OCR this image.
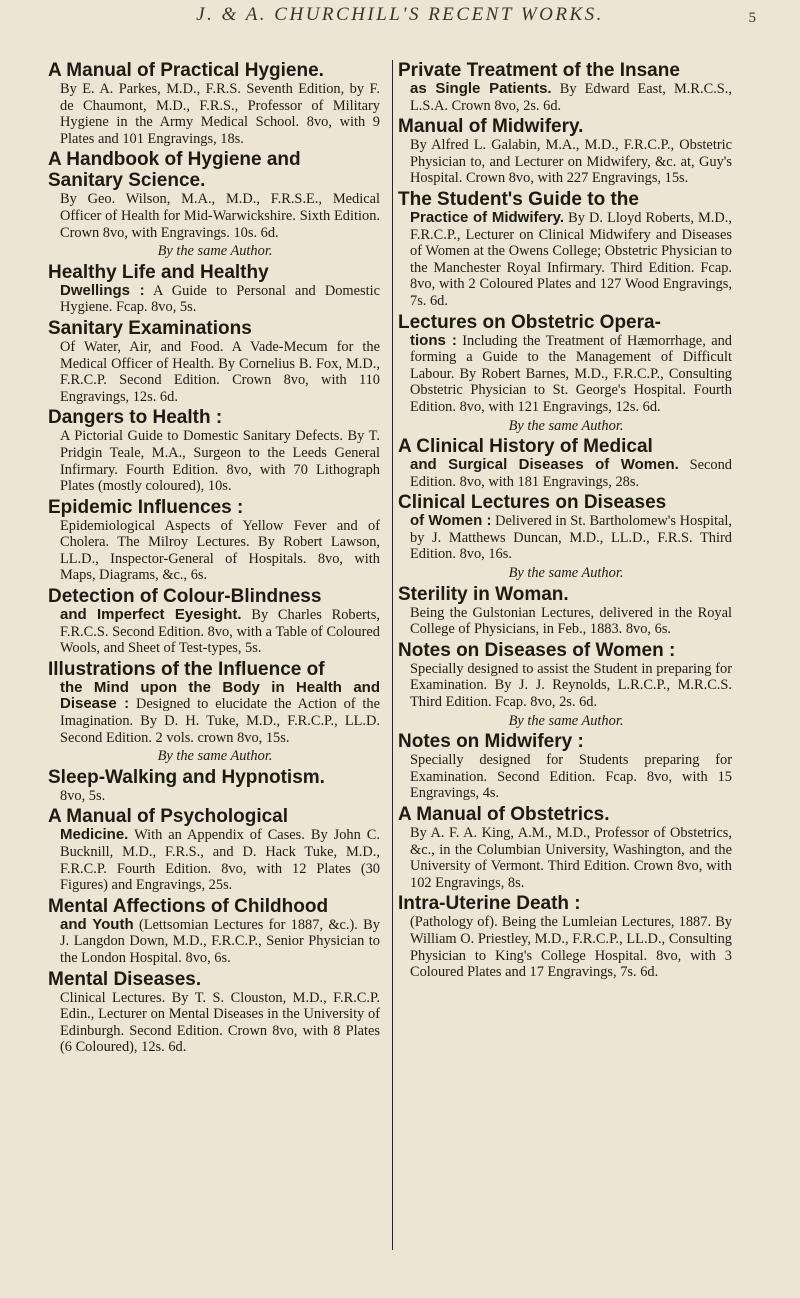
J. & A. CHURCHILL'S RECENT WORKS.	5
A Manual of Practical Hygiene.
By E. A. Parkes, M.D., F.R.S. Seventh Edition, by F. de Chaumont, M.D., F.R.S., Professor of Military Hygiene in the Army Medical School. 8vo, with 9 Plates and 101 Engravings, 18s.
A Handbook of Hygiene and Sanitary Science.
By Geo. Wilson, M.A., M.D., F.R.S.E., Medical Officer of Health for Mid-Warwickshire. Sixth Edition. Crown 8vo, with Engravings. 10s. 6d.
By the same Author.
Healthy Life and Healthy
Dwellings : A Guide to Personal and Domestic Hygiene. Fcap. 8vo, 5s.
Sanitary Examinations
Of Water, Air, and Food. A Vade-Mecum for the Medical Officer of Health. By Cornelius B. Fox, M.D., F.R.C.P. Second Edition. Crown 8vo, with 110 Engravings, 12s. 6d.
Dangers to Health :
A Pictorial Guide to Domestic Sanitary Defects. By T. Pridgin Teale, M.A., Surgeon to the Leeds General Infirmary. Fourth Edition. 8vo, with 70 Lithograph Plates (mostly coloured), 10s.
Epidemic Influences :
Epidemiological Aspects of Yellow Fever and of Cholera. The Milroy Lectures. By Robert Lawson, LL.D., Inspector-General of Hospitals. 8vo, with Maps, Diagrams, &c., 6s.
Detection of Colour-Blindness
and Imperfect Eyesight. By Charles Roberts, F.R.C.S. Second Edition. 8vo, with a Table of Coloured Wools, and Sheet of Test-types, 5s.
Illustrations of the Influence of
the Mind upon the Body in Health and Disease : Designed to elucidate the Action of the Imagination. By D. H. Tuke, M.D., F.R.C.P., LL.D. Second Edition. 2 vols. crown 8vo, 15s.
By the same Author.
Sleep-Walking and Hypnotism.
8vo, 5s.
A Manual of Psychological
Medicine. With an Appendix of Cases. By John C. Bucknill, M.D., F.R.S., and D. Hack Tuke, M.D., F.R.C.P. Fourth Edition. 8vo, with 12 Plates (30 Figures) and Engravings, 25s.
Mental Affections of Childhood
and Youth (Lettsomian Lectures for 1887, &c.). By J. Langdon Down, M.D., F.R.C.P., Senior Physician to the London Hospital. 8vo, 6s.
Mental Diseases.
Clinical Lectures. By T. S. Clouston, M.D., F.R.C.P. Edin., Lecturer on Mental Diseases in the University of Edinburgh. Second Edition. Crown 8vo, with 8 Plates (6 Coloured), 12s. 6d.
Private Treatment of the Insane
as Single Patients. By Edward East, M.R.C.S., L.S.A. Crown 8vo, 2s. 6d.
Manual of Midwifery.
By Alfred L. Galabin, M.A., M.D., F.R.C.P., Obstetric Physician to, and Lecturer on Midwifery, &c. at, Guy's Hospital. Crown 8vo, with 227 Engravings, 15s.
The Student's Guide to the
Practice of Midwifery. By D. Lloyd Roberts, M.D., F.R.C.P., Lecturer on Clinical Midwifery and Diseases of Women at the Owens College; Obstetric Physician to the Manchester Royal Infirmary. Third Edition. Fcap. 8vo, with 2 Coloured Plates and 127 Wood Engravings, 7s. 6d.
Lectures on Obstetric Opera-
tions : Including the Treatment of Hæmorrhage, and forming a Guide to the Management of Difficult Labour. By Robert Barnes, M.D., F.R.C.P., Consulting Obstetric Physician to St. George's Hospital. Fourth Edition. 8vo, with 121 Engravings, 12s. 6d.
By the same Author.
A Clinical History of Medical
and Surgical Diseases of Women. Second Edition. 8vo, with 181 Engravings, 28s.
Clinical Lectures on Diseases
of Women : Delivered in St. Bartholomew's Hospital, by J. Matthews Duncan, M.D., LL.D., F.R.S. Third Edition. 8vo, 16s.
By the same Author.
Sterility in Woman.
Being the Gulstonian Lectures, delivered in the Royal College of Physicians, in Feb., 1883. 8vo, 6s.
Notes on Diseases of Women :
Specially designed to assist the Student in preparing for Examination. By J. J. Reynolds, L.R.C.P., M.R.C.S. Third Edition. Fcap. 8vo, 2s. 6d.
By the same Author.
Notes on Midwifery :
Specially designed for Students preparing for Examination. Second Edition. Fcap. 8vo, with 15 Engravings, 4s.
A Manual of Obstetrics.
By A. F. A. King, A.M., M.D., Professor of Obstetrics, &c., in the Columbian University, Washington, and the University of Vermont. Third Edition. Crown 8vo, with 102 Engravings, 8s.
Intra-Uterine Death :
(Pathology of). Being the Lumleian Lectures, 1887. By William O. Priestley, M.D., F.R.C.P., LL.D., Consulting Physician to King's College Hospital. 8vo, with 3 Coloured Plates and 17 Engravings, 7s. 6d.
